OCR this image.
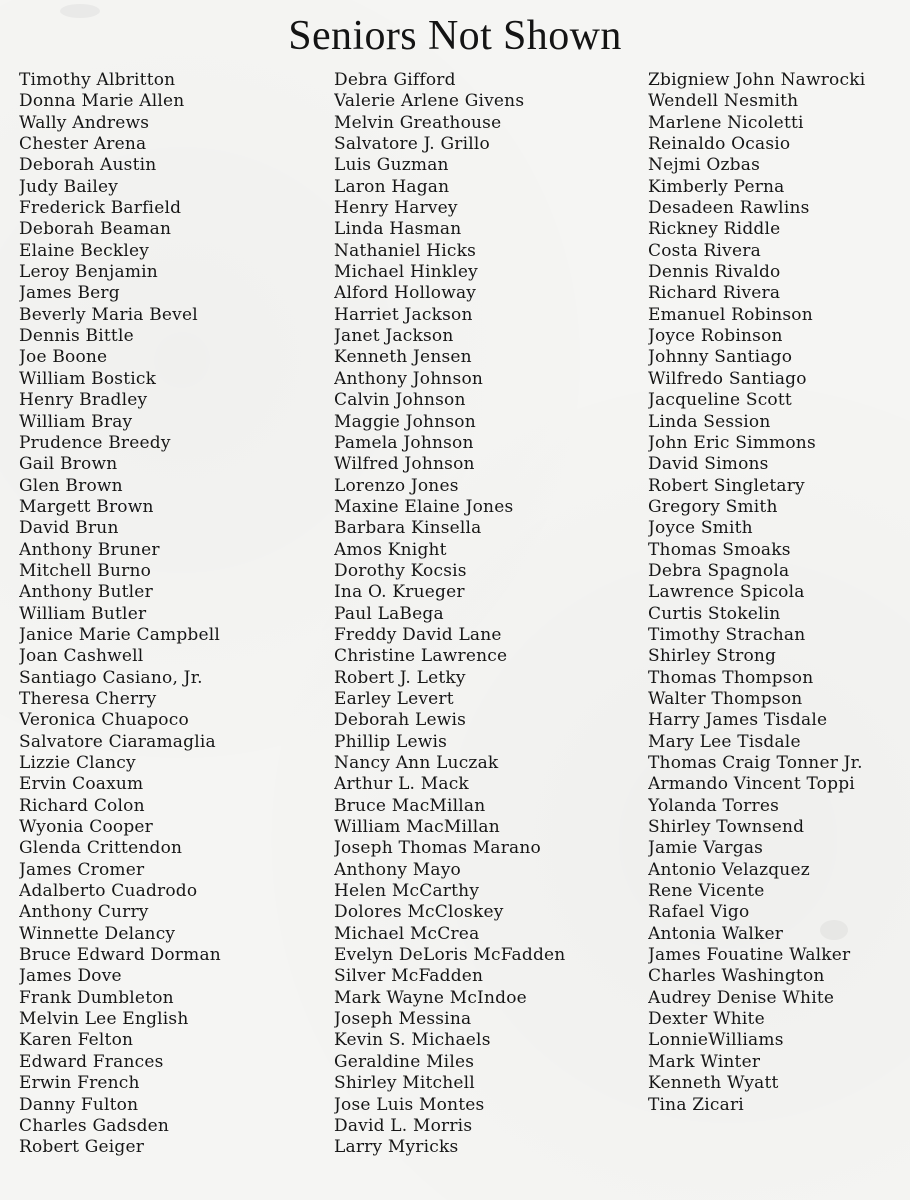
Seniors Not Shown
Timothy Albritton
Donna Marie Allen
Wally Andrews
Chester Arena
Deborah Austin
Judy Bailey
Frederick Barfield
Deborah Beaman
Elaine Beckley
Leroy Benjamin
James Berg
Beverly Maria Bevel
Dennis Bittle
Joe Boone
William Bostick
Henry Bradley
William Bray
Prudence Breedy
Gail Brown
Glen Brown
Margett Brown
David Brun
Anthony Bruner
Mitchell Burno
Anthony Butler
William Butler
Janice Marie Campbell
Joan Cashwell
Santiago Casiano, Jr.
Theresa Cherry
Veronica Chuapoco
Salvatore Ciaramaglia
Lizzie Clancy
Ervin Coaxum
Richard Colon
Wyonia Cooper
Glenda Crittendon
James Cromer
Adalberto Cuadrodo
Anthony Curry
Winnette Delancy
Bruce Edward Dorman
James Dove
Frank Dumbleton
Melvin Lee English
Karen Felton
Edward Frances
Erwin French
Danny Fulton
Charles Gadsden
Robert Geiger
Debra Gifford
Valerie Arlene Givens
Melvin Greathouse
Salvatore J. Grillo
Luis Guzman
Laron Hagan
Henry Harvey
Linda Hasman
Nathaniel Hicks
Michael Hinkley
Alford Holloway
Harriet Jackson
Janet Jackson
Kenneth Jensen
Anthony Johnson
Calvin Johnson
Maggie Johnson
Pamela Johnson
Wilfred Johnson
Lorenzo Jones
Maxine Elaine Jones
Barbara Kinsella
Amos Knight
Dorothy Kocsis
Ina O. Krueger
Paul LaBega
Freddy David Lane
Christine Lawrence
Robert J. Letky
Earley Levert
Deborah Lewis
Phillip Lewis
Nancy Ann Luczak
Arthur L. Mack
Bruce MacMillan
William MacMillan
Joseph Thomas Marano
Anthony Mayo
Helen McCarthy
Dolores McCloskey
Michael McCrea
Evelyn DeLoris McFadden
Silver McFadden
Mark Wayne McIndoe
Joseph Messina
Kevin S. Michaels
Geraldine Miles
Shirley Mitchell
Jose Luis Montes
David L. Morris
Larry Myricks
Zbigniew John Nawrocki
Wendell Nesmith
Marlene Nicoletti
Reinaldo Ocasio
Nejmi Ozbas
Kimberly Perna
Desadeen Rawlins
Rickney Riddle
Costa Rivera
Dennis Rivaldo
Richard Rivera
Emanuel Robinson
Joyce Robinson
Johnny Santiago
Wilfredo Santiago
Jacqueline Scott
Linda Session
John Eric Simmons
David Simons
Robert Singletary
Gregory Smith
Joyce Smith
Thomas Smoaks
Debra Spagnola
Lawrence Spicola
Curtis Stokelin
Timothy Strachan
Shirley Strong
Thomas Thompson
Walter Thompson
Harry James Tisdale
Mary Lee Tisdale
Thomas Craig Tonner Jr.
Armando Vincent Toppi
Yolanda Torres
Shirley Townsend
Jamie Vargas
Antonio Velazquez
Rene Vicente
Rafael Vigo
Antonia Walker
James Fouatine Walker
Charles Washington
Audrey Denise White
Dexter White
LonnieWilliams
Mark Winter
Kenneth Wyatt
Tina Zicari
